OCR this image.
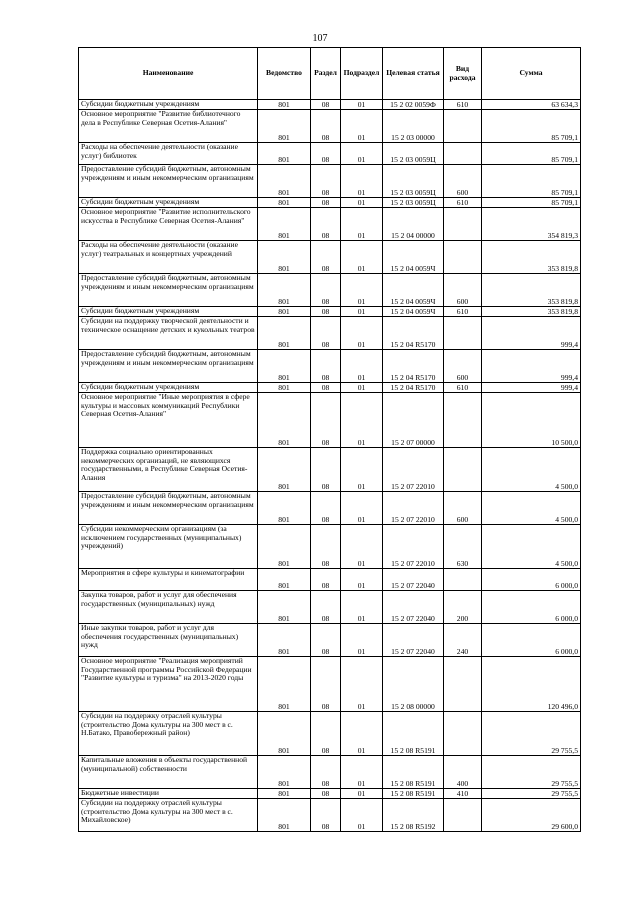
107
Наименование	Ведомство	Раздел	Подраздел	Целевая статья	Вид расхода	Сумма
Субсидии бюджетным учреждениям	801	08	01	15 2 02 0059Ф	610	63 634,3
Основное мероприятие "Развитие библиотечного дела в Республике Северная Осетия-Алания"	801	08	01	15 2 03 00000		85 709,1
Расходы на обеспечение деятельности (оказание услуг) библиотек	801	08	01	15 2 03 0059Ц		85 709,1
Предоставление субсидий бюджетным, автономным учреждениям и иным некоммерческим организациям	801	08	01	15 2 03 0059Ц	600	85 709,1
Субсидии бюджетным учреждениям	801	08	01	15 2 03 0059Ц	610	85 709,1
Основное мероприятие "Развитие исполнительского искусства в Республике Северная Осетия-Алания"	801	08	01	15 2 04 00000		354 819,3
Расходы на обеспечение деятельности (оказание услуг) театральных и концертных учреждений	801	08	01	15 2 04 0059Ч		353 819,8
Предоставление субсидий бюджетным, автономным учреждениям и иным некоммерческим организациям	801	08	01	15 2 04 0059Ч	600	353 819,8
Субсидии бюджетным учреждениям	801	08	01	15 2 04 0059Ч	610	353 819,8
Субсидии на поддержку творческой деятельности и техническое оснащение детских и кукольных театров	801	08	01	15 2 04 R5170		999,4
Предоставление субсидий бюджетным, автономным учреждениям и иным некоммерческим организациям	801	08	01	15 2 04 R5170	600	999,4
Субсидии бюджетным учреждениям	801	08	01	15 2 04 R5170	610	999,4
Основное мероприятие "Иные мероприятия в сфере культуры и массовых коммуникаций Республики Северная Осетия-Алания"	801	08	01	15 2 07 00000		10 500,0
Поддержка социально ориентированных некоммерческих организаций, не являющихся государственными, в Республике Северная Осетия-Алания	801	08	01	15 2 07 22010		4 500,0
Предоставление субсидий бюджетным, автономным учреждениям и иным некоммерческим организациям	801	08	01	15 2 07 22010	600	4 500,0
Субсидии некоммерческим организациям (за исключением государственных (муниципальных) учреждений)	801	08	01	15 2 07 22010	630	4 500,0
Мероприятия в сфере культуры и кинематографии	801	08	01	15 2 07 22040		6 000,0
Закупка товаров, работ и услуг для обеспечения государственных (муниципальных) нужд	801	08	01	15 2 07 22040	200	6 000,0
Иные закупки товаров, работ и услуг для обеспечения государственных (муниципальных) нужд	801	08	01	15 2 07 22040	240	6 000,0
Основное мероприятие "Реализация мероприятий Государственной программы Российской Федерации "Развитие культуры и туризма" на 2013-2020 годы	801	08	01	15 2 08 00000		120 496,0
Субсидии на поддержку отраслей культуры (строительство Дома культуры на 300 мест в с. Н.Батако, Правобережный район)	801	08	01	15 2 08 R5191		29 755,5
Капитальные вложения в объекты государственной (муниципальной) собственности	801	08	01	15 2 08 R5191	400	29 755,5
Бюджетные инвестиции	801	08	01	15 2 08 R5191	410	29 755,5
Субсидии на поддержку отраслей культуры (строительство Дома культуры на 300 мест в с. Михайловское)	801	08	01	15 2 08 R5192		29 600,0
